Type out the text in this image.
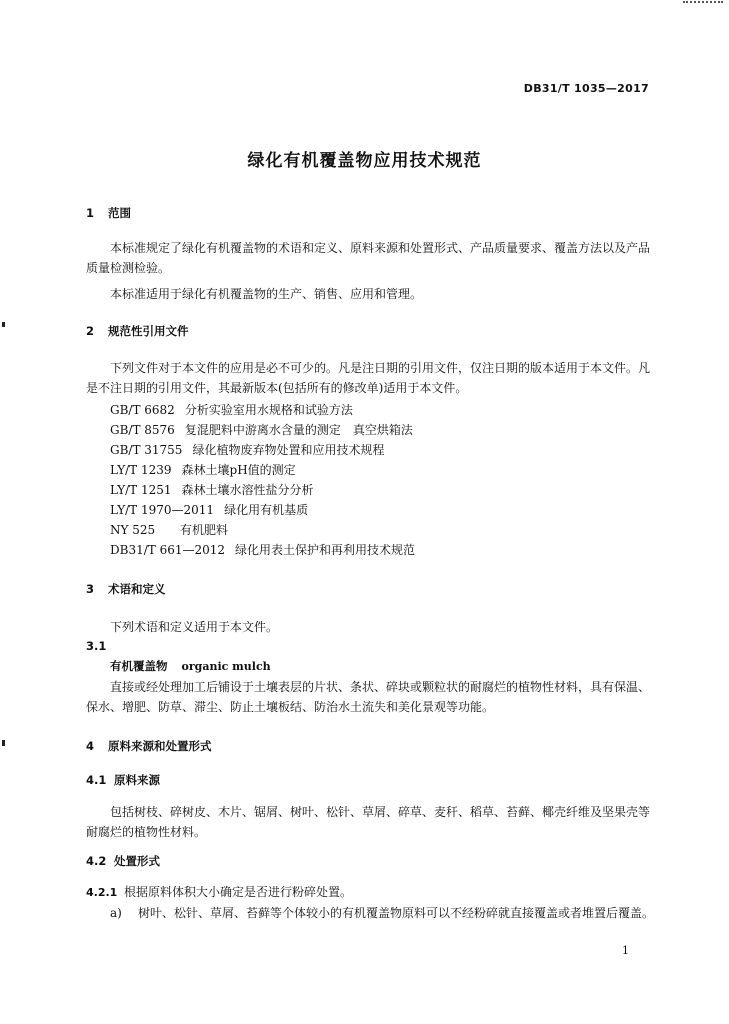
DB31/T 1035—2017
绿化有机覆盖物应用技术规范
1 范围
本标准规定了绿化有机覆盖物的术语和定义、原料来源和处置形式、产品质量要求、覆盖方法以及产品质量检测检验。
本标准适用于绿化有机覆盖物的生产、销售、应用和管理。
2 规范性引用文件
下列文件对于本文件的应用是必不可少的。凡是注日期的引用文件，仅注日期的版本适用于本文件。凡是不注日期的引用文件，其最新版本(包括所有的修改单)适用于本文件。
GB/T 6682 分析实验室用水规格和试验方法
GB/T 8576 复混肥料中游离水含量的测定　真空烘箱法
GB/T 31755 绿化植物废弃物处置和应用技术规程
LY/T 1239 森林土壤pH值的测定
LY/T 1251 森林土壤水溶性盐分分析
LY/T 1970—2011 绿化用有机基质
NY 525 有机肥料
DB31/T 661—2012 绿化用表土保护和再利用技术规范
3 术语和定义
下列术语和定义适用于本文件。
3.1
有机覆盖物 organic mulch
直接或经处理加工后铺设于土壤表层的片状、条状、碎块或颗粒状的耐腐烂的植物性材料，具有保温、保水、增肥、防草、滞尘、防止土壤板结、防治水土流失和美化景观等功能。
4 原料来源和处置形式
4.1 原料来源
包括树枝、碎树皮、木片、锯屑、树叶、松针、草屑、碎草、麦秆、稻草、苔藓、椰壳纤维及坚果壳等耐腐烂的植物性材料。
4.2 处置形式
4.2.1 根据原料体积大小确定是否进行粉碎处置。
a)	树叶、松针、草屑、苔藓等个体较小的有机覆盖物原料可以不经粉碎就直接覆盖或者堆置后覆盖。
1
